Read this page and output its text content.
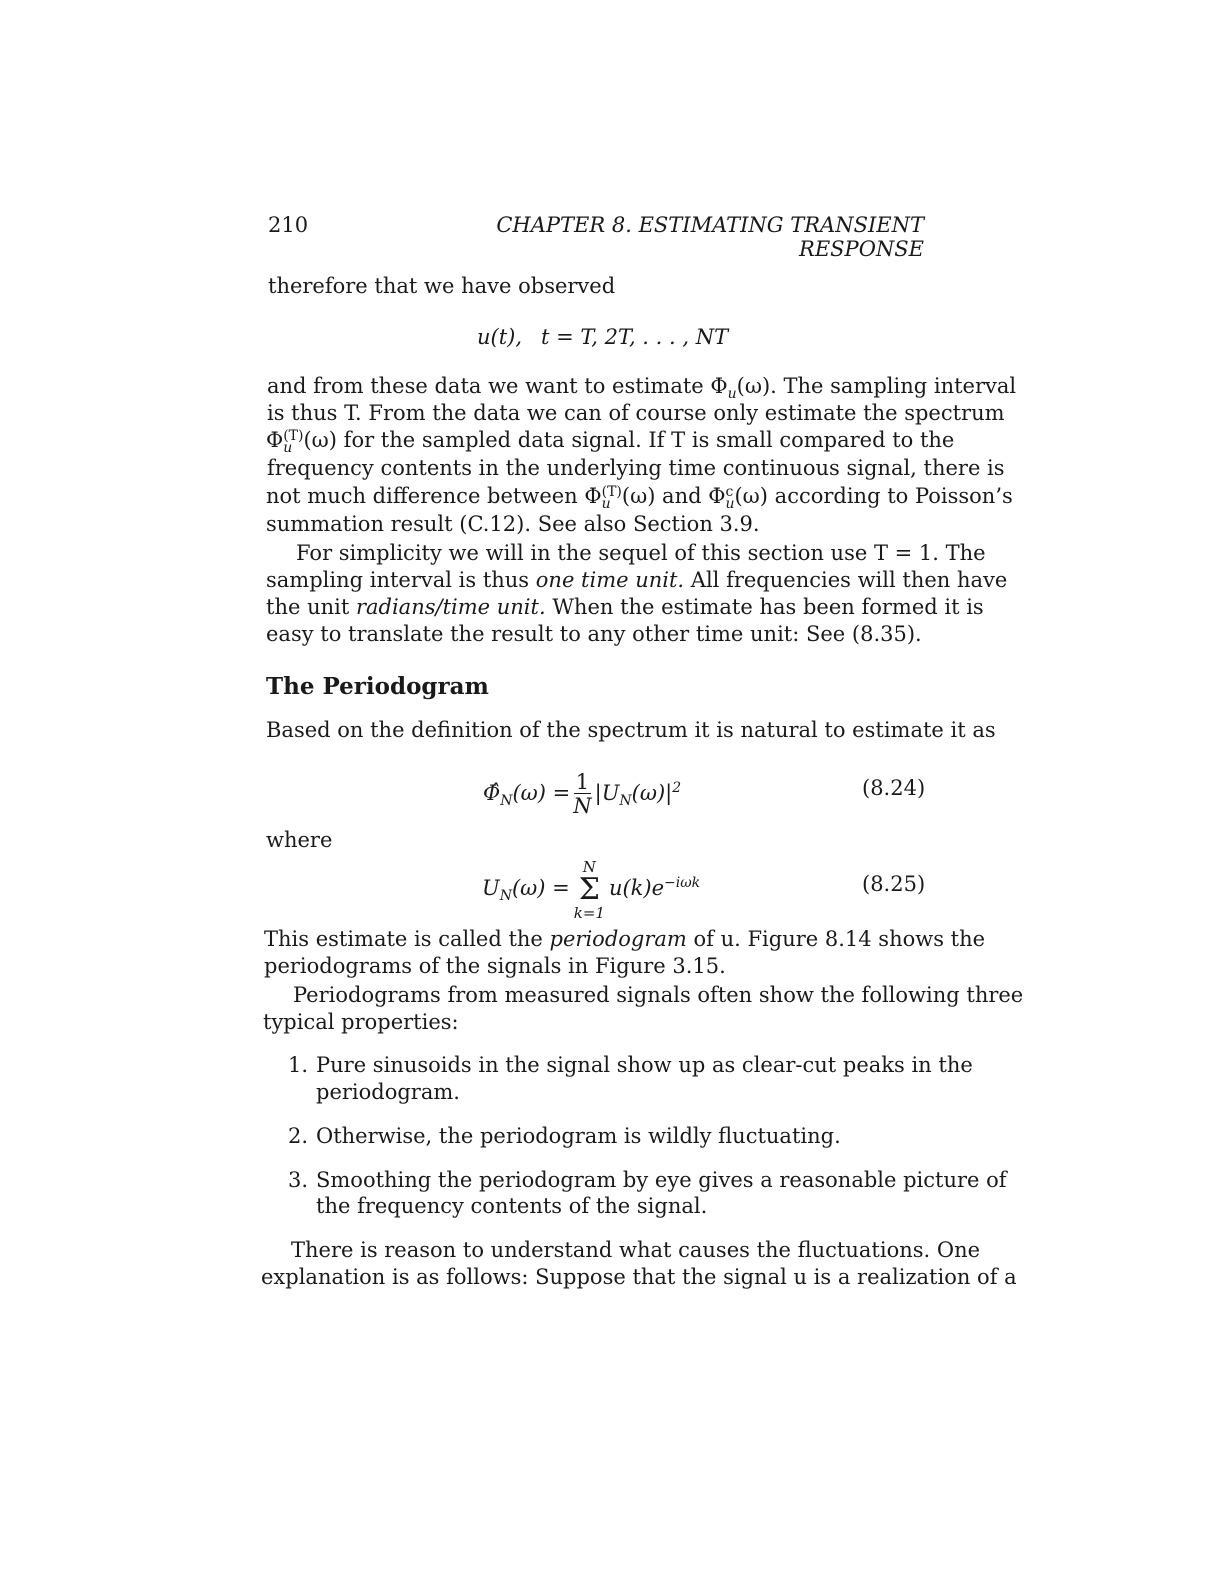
210	CHAPTER 8. ESTIMATING TRANSIENT RESPONSE
therefore that we have observed
u(t), t = T, 2T, . . . , NT
and from these data we want to estimate $\Phi_u(\omega)$. The sampling interval
is thus T. From the data we can of course only estimate the spectrum
Φ (T)
u (ω) for the sampled data signal. If T is small compared to the
frequency contents in the underlying time continuous signal, there is
not much difference between Φ (T)
u (ω) and Φ c
u (ω) according to Poisson’s
summation result (C.12). See also Section 3.9.
For simplicity we will in the sequel of this section use T = 1. The
sampling interval is thus one time unit. All frequencies will then have
the unit radians/time unit. When the estimate has been formed it is
easy to translate the result to any other time unit: See (8.35).
The Periodogram
Based on the definition of the spectrum it is natural to estimate it as
$\Phî_N(\omega) = \frac{1}{N} |U_N(\omega)|^2$	(8.24)
where
$U_N(\omega)$ =
N
Σ
k=1
$u(k)e^{-i\omega k}$	(8.25)
This estimate is called the periodogram of u. Figure 8.14 shows the
periodograms of the signals in Figure 3.15.
Periodograms from measured signals often show the following three
typical properties:
1. Pure sinusoids in the signal show up as clear-cut peaks in the
periodogram.
2. Otherwise, the periodogram is wildly fluctuating.
3. Smoothing the periodogram by eye gives a reasonable picture of
the frequency contents of the signal.
There is reason to understand what causes the fluctuations. One
explanation is as follows: Suppose that the signal u is a realization of a
